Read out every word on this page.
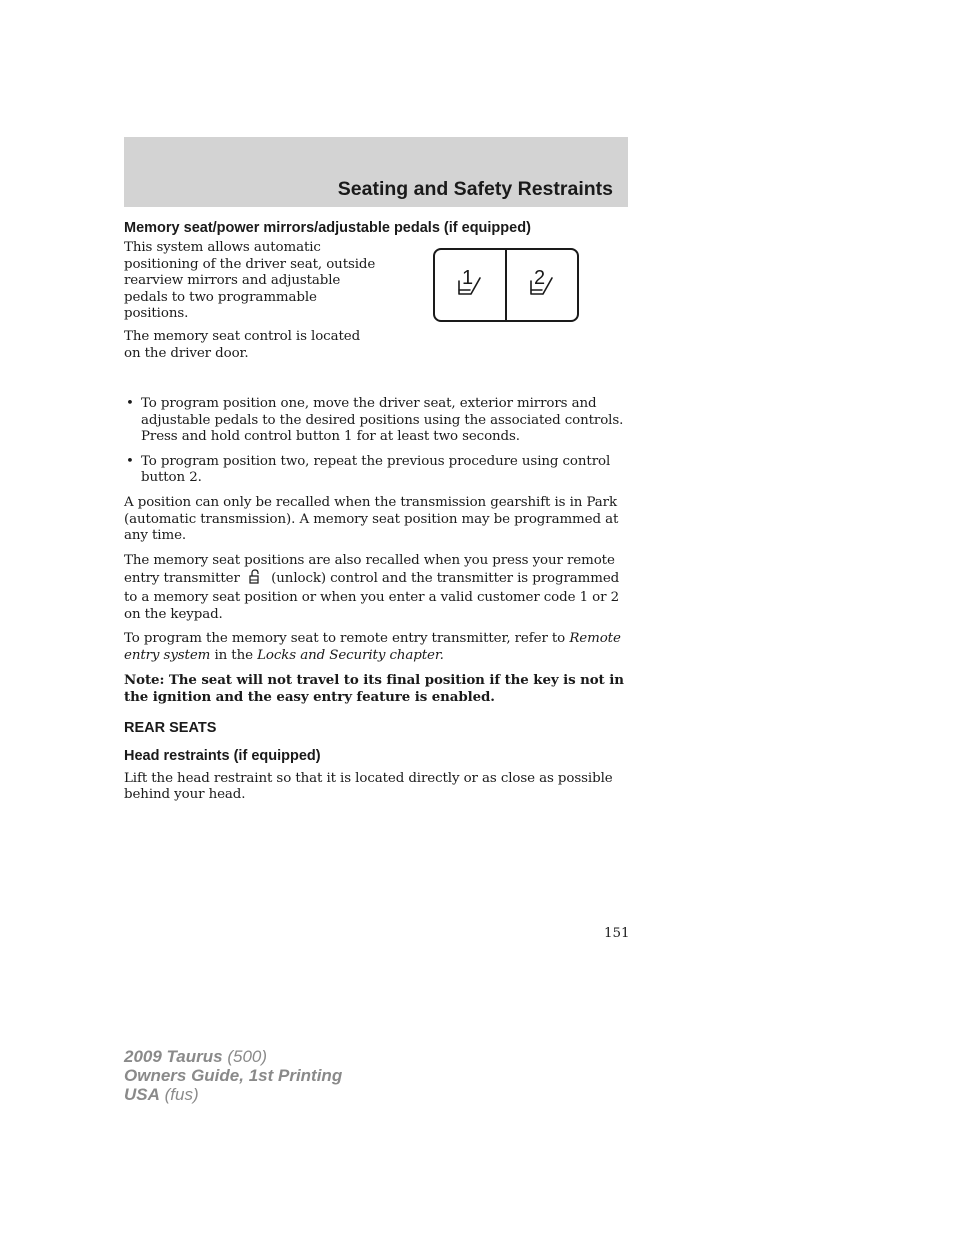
Seating and Safety Restraints
Memory seat/power mirrors/adjustable pedals (if equipped)

This system allows automatic positioning of the driver seat, outside rearview mirrors and adjustable pedals to two programmable positions.

The memory seat control is located on the driver door.

1	2
• To program position one, move the driver seat, exterior mirrors and adjustable pedals to the desired positions using the associated controls. Press and hold control button 1 for at least two seconds.
• To program position two, repeat the previous procedure using control button 2.

A position can only be recalled when the transmission gearshift is in Park (automatic transmission). A memory seat position may be programmed at any time.

The memory seat positions are also recalled when you press your remote entry transmitter (unlock) control and the transmitter is programmed to a memory seat position or when you enter a valid customer code 1 or 2 on the keypad.

To program the memory seat to remote entry transmitter, refer to Remote entry system in the Locks and Security chapter.

Note: The seat will not travel to its final position if the key is not in the ignition and the easy entry feature is enabled.

REAR SEATS
Head restraints (if equipped)

Lift the head restraint so that it is located directly or as close as possible behind your head.

151
2009 Taurus (500)
Owners Guide, 1st Printing
USA (fus)
